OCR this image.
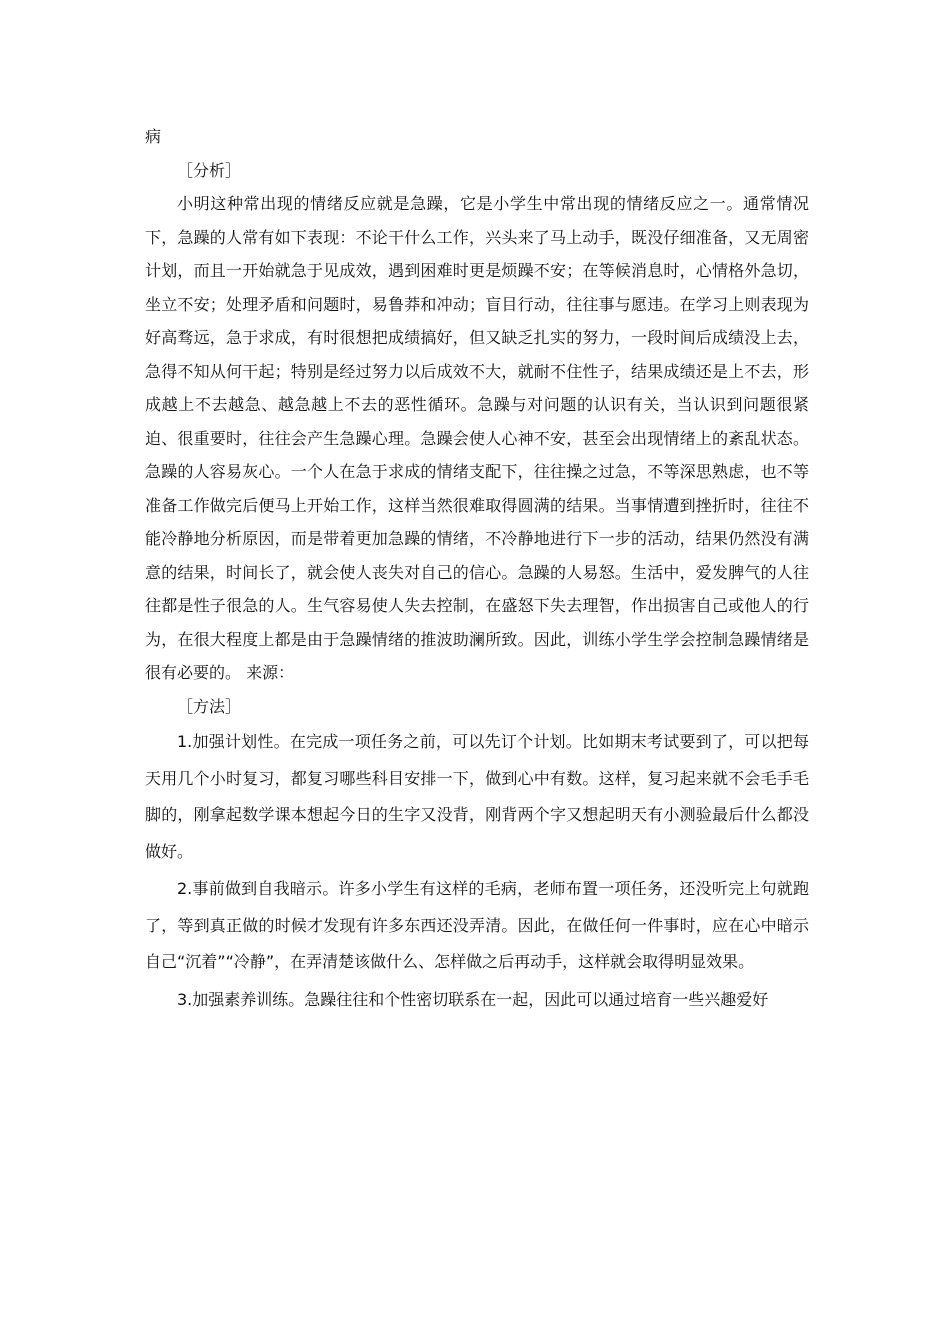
病

［分析］

小明这种常出现的情绪反应就是急躁，它是小学生中常出现的情绪反应之一。通常情况下，急躁的人常有如下表现：不论干什么工作，兴头来了马上动手，既没仔细准备，又无周密计划，而且一开始就急于见成效，遇到困难时更是烦躁不安；在等候消息时，心情格外急切，坐立不安；处理矛盾和问题时，易鲁莽和冲动；盲目行动，往往事与愿违。在学习上则表现为好高骛远，急于求成，有时很想把成绩搞好，但又缺乏扎实的努力，一段时间后成绩没上去，急得不知从何干起；特别是经过努力以后成效不大，就耐不住性子，结果成绩还是上不去，形成越上不去越急、越急越上不去的恶性循环。急躁与对问题的认识有关，当认识到问题很紧迫、很重要时，往往会产生急躁心理。急躁会使人心神不安，甚至会出现情绪上的紊乱状态。急躁的人容易灰心。一个人在急于求成的情绪支配下，往往操之过急，不等深思熟虑，也不等准备工作做完后便马上开始工作，这样当然很难取得圆满的结果。当事情遭到挫折时，往往不能冷静地分析原因，而是带着更加急躁的情绪，不冷静地进行下一步的活动，结果仍然没有满意的结果，时间长了，就会使人丧失对自己的信心。急躁的人易怒。生活中，爱发脾气的人往往都是性子很急的人。生气容易使人失去控制，在盛怒下失去理智，作出损害自己或他人的行为，在很大程度上都是由于急躁情绪的推波助澜所致。因此，训练小学生学会控制急躁情绪是很有必要的。 来源：

［方法］

1.加强计划性。在完成一项任务之前，可以先订个计划。比如期末考试要到了，可以把每天用几个小时复习，都复习哪些科目安排一下，做到心中有数。这样，复习起来就不会毛手毛脚的，刚拿起数学课本想起今日的生字又没背，刚背两个字又想起明天有小测验最后什么都没做好。

2.事前做到自我暗示。许多小学生有这样的毛病，老师布置一项任务，还没听完上句就跑了，等到真正做的时候才发现有许多东西还没弄清。因此，在做任何一件事时，应在心中暗示自己“沉着”“冷静”，在弄清楚该做什么、怎样做之后再动手，这样就会取得明显效果。

3.加强素养训练。急躁往往和个性密切联系在一起，因此可以通过培育一些兴趣爱好
